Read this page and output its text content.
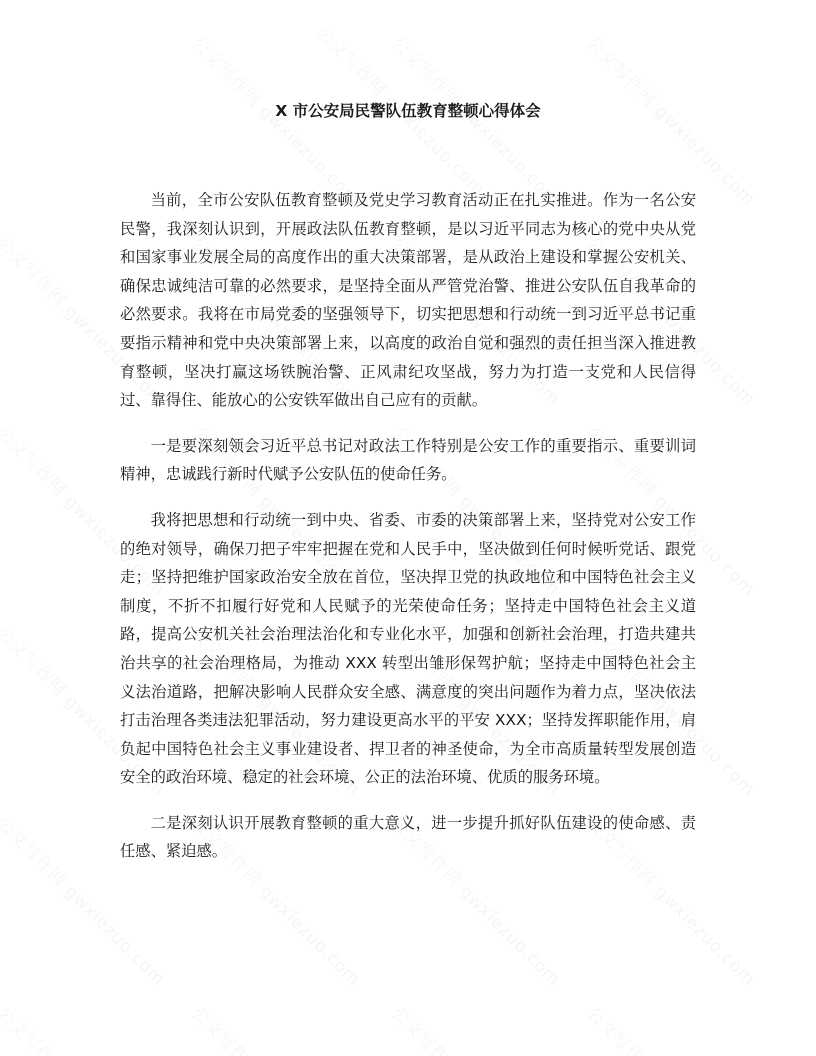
X 市公安局民警队伍教育整顿心得体会

当前，全市公安队伍教育整顿及党史学习教育活动正在扎实推进。作为一名公安民警，我深刻认识到，开展政法队伍教育整顿，是以习近平同志为核心的党中央从党和国家事业发展全局的高度作出的重大决策部署，是从政治上建设和掌握公安机关、确保忠诚纯洁可靠的必然要求，是坚持全面从严管党治警、推进公安队伍自我革命的必然要求。我将在市局党委的坚强领导下，切实把思想和行动统一到习近平总书记重要指示精神和党中央决策部署上来，以高度的政治自觉和强烈的责任担当深入推进教育整顿，坚决打赢这场铁腕治警、正风肃纪攻坚战，努力为打造一支党和人民信得过、靠得住、能放心的公安铁军做出自己应有的贡献。

一是要深刻领会习近平总书记对政法工作特别是公安工作的重要指示、重要训词精神，忠诚践行新时代赋予公安队伍的使命任务。

我将把思想和行动统一到中央、省委、市委的决策部署上来，坚持党对公安工作的绝对领导，确保刀把子牢牢把握在党和人民手中，坚决做到任何时候听党话、跟党走；坚持把维护国家政治安全放在首位，坚决捍卫党的执政地位和中国特色社会主义制度，不折不扣履行好党和人民赋予的光荣使命任务；坚持走中国特色社会主义道路，提高公安机关社会治理法治化和专业化水平，加强和创新社会治理，打造共建共治共享的社会治理格局，为推动 XXX 转型出雏形保驾护航；坚持走中国特色社会主义法治道路，把解决影响人民群众安全感、满意度的突出问题作为着力点，坚决依法打击治理各类违法犯罪活动，努力建设更高水平的平安 XXX；坚持发挥职能作用，肩负起中国特色社会主义事业建设者、捍卫者的神圣使命，为全市高质量转型发展创造安全的政治环境、稳定的社会环境、公正的法治环境、优质的服务环境。

二是深刻认识开展教育整顿的重大意义，进一步提升抓好队伍建设的使命感、责任感、紧迫感。
